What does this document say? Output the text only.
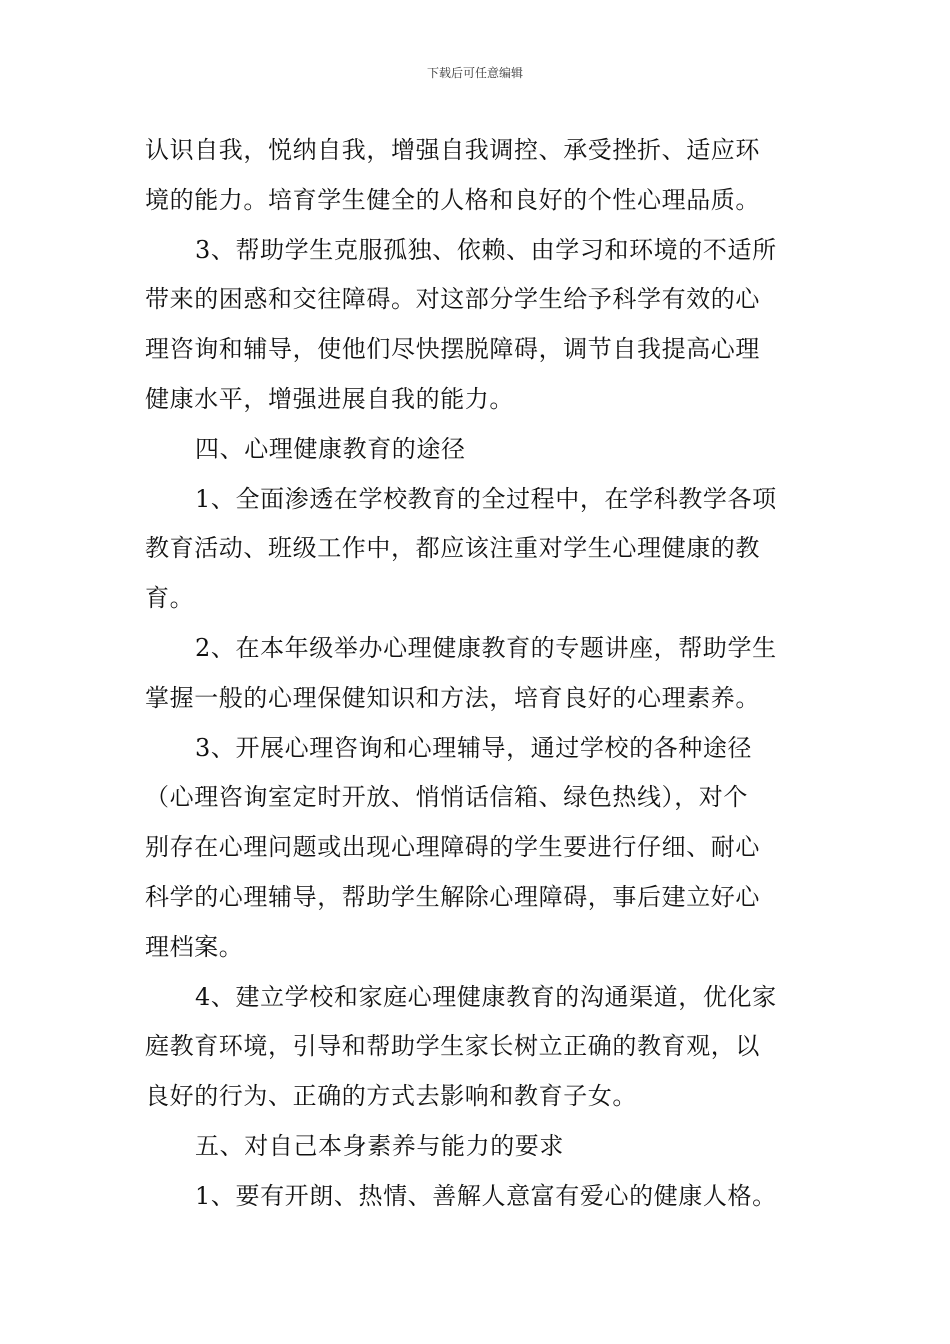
下载后可任意编辑
认识自我，悦纳自我，增强自我调控、承受挫折、适应环
境的能力。培育学生健全的人格和良好的个性心理品质。
3、帮助学生克服孤独、依赖、由学习和环境的不适所
带来的困惑和交往障碍。对这部分学生给予科学有效的心
理咨询和辅导，使他们尽快摆脱障碍，调节自我提高心理
健康水平，增强进展自我的能力。
四、心理健康教育的途径
1、全面渗透在学校教育的全过程中，在学科教学各项
教育活动、班级工作中，都应该注重对学生心理健康的教
育。
2、在本年级举办心理健康教育的专题讲座，帮助学生
掌握一般的心理保健知识和方法，培育良好的心理素养。
3、开展心理咨询和心理辅导，通过学校的各种途径
（心理咨询室定时开放、悄悄话信箱、绿色热线），对个
别存在心理问题或出现心理障碍的学生要进行仔细、耐心
科学的心理辅导，帮助学生解除心理障碍，事后建立好心
理档案。
4、建立学校和家庭心理健康教育的沟通渠道，优化家
庭教育环境，引导和帮助学生家长树立正确的教育观，以
良好的行为、正确的方式去影响和教育子女。
五、对自己本身素养与能力的要求
1、要有开朗、热情、善解人意富有爱心的健康人格。
